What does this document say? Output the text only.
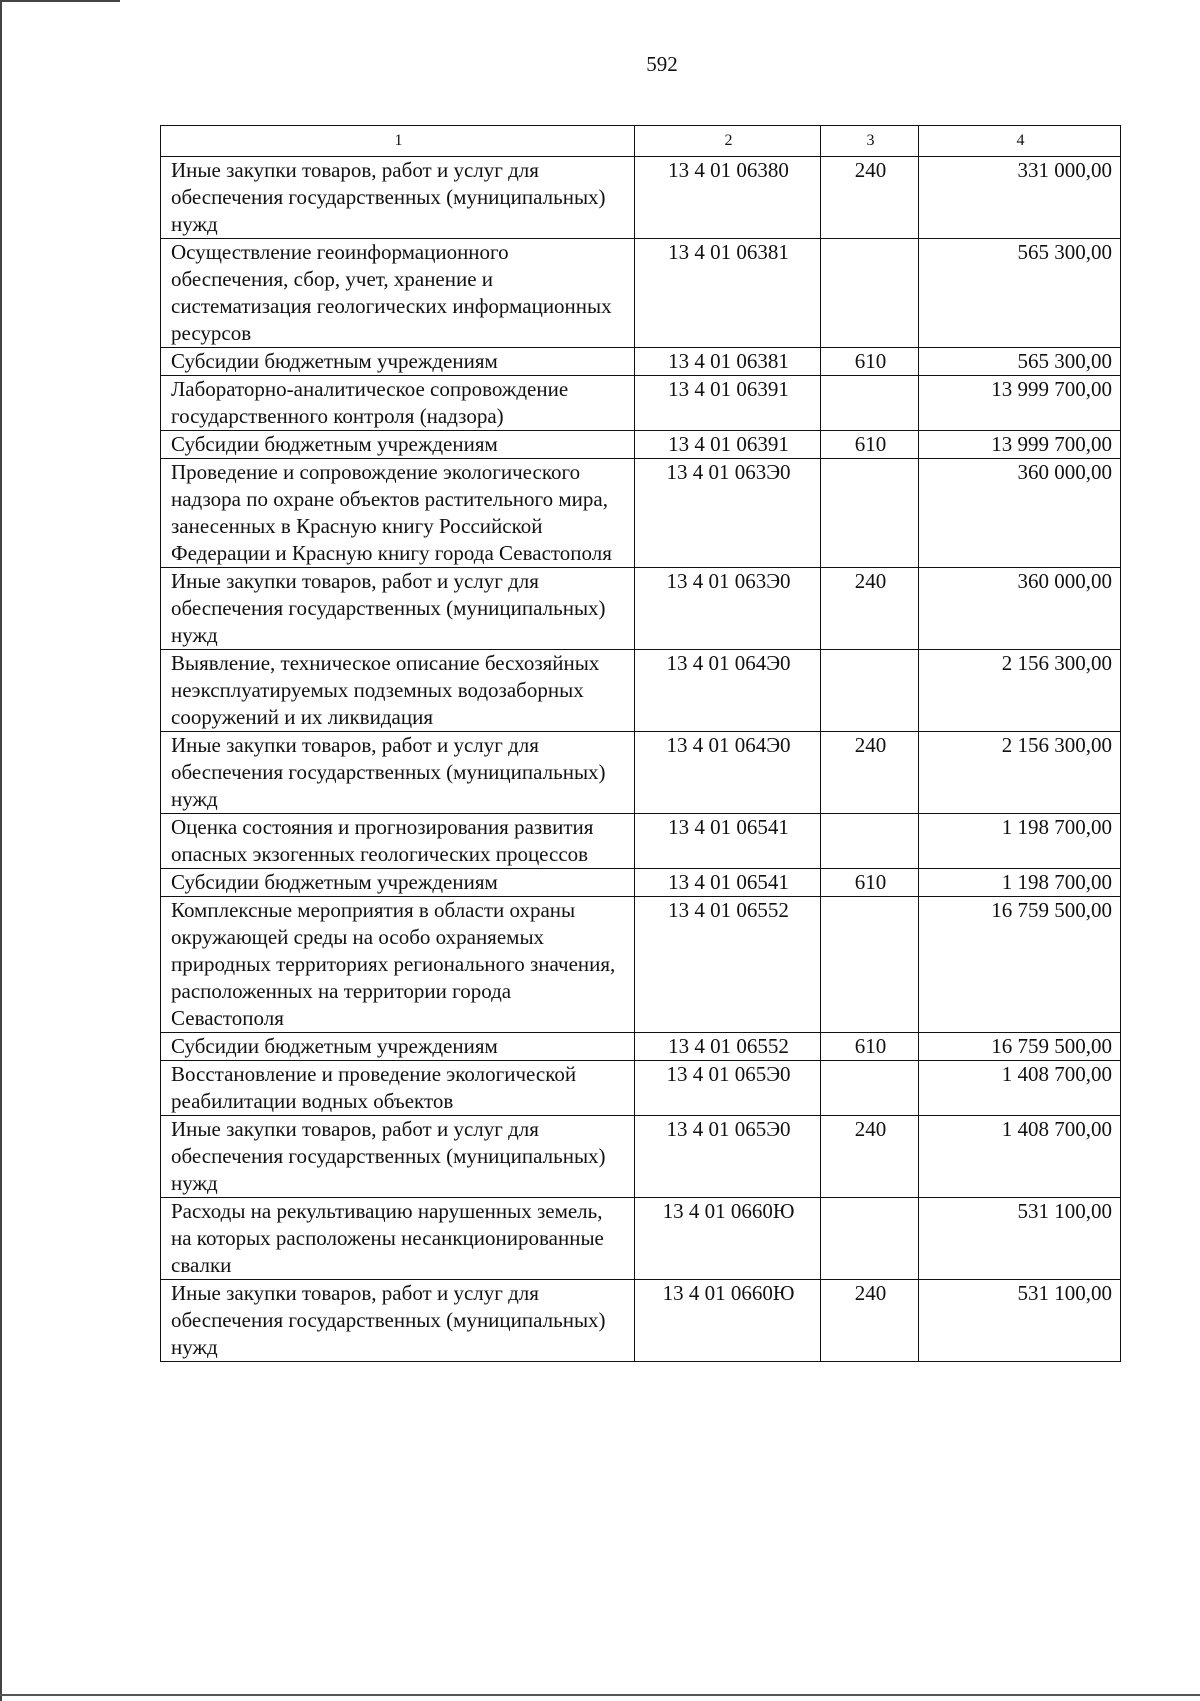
592
1	2	3	4
Иные закупки товаров, работ и услуг для обеспечения государственных (муниципальных) нужд	13 4 01 06380	240	331 000,00
Осуществление геоинформационного обеспечения, сбор, учет, хранение и систематизация геологических информационных ресурсов	13 4 01 06381		565 300,00
Субсидии бюджетным учреждениям	13 4 01 06381	610	565 300,00
Лабораторно-аналитическое сопровождение государственного контроля (надзора)	13 4 01 06391		13 999 700,00
Субсидии бюджетным учреждениям	13 4 01 06391	610	13 999 700,00
Проведение и сопровождение экологического надзора по охране объектов растительного мира, занесенных в Красную книгу Российской Федерации и Красную книгу города Севастополя	13 4 01 063Э0		360 000,00
Иные закупки товаров, работ и услуг для обеспечения государственных (муниципальных) нужд	13 4 01 063Э0	240	360 000,00
Выявление, техническое описание бесхозяйных неэксплуатируемых подземных водозаборных сооружений и их ликвидация	13 4 01 064Э0		2 156 300,00
Иные закупки товаров, работ и услуг для обеспечения государственных (муниципальных) нужд	13 4 01 064Э0	240	2 156 300,00
Оценка состояния и прогнозирования развития опасных экзогенных геологических процессов	13 4 01 06541		1 198 700,00
Субсидии бюджетным учреждениям	13 4 01 06541	610	1 198 700,00
Комплексные мероприятия в области охраны окружающей среды на особо охраняемых природных территориях регионального значения, расположенных на территории города Севастополя	13 4 01 06552		16 759 500,00
Субсидии бюджетным учреждениям	13 4 01 06552	610	16 759 500,00
Восстановление и проведение экологической реабилитации водных объектов	13 4 01 065Э0		1 408 700,00
Иные закупки товаров, работ и услуг для обеспечения государственных (муниципальных) нужд	13 4 01 065Э0	240	1 408 700,00
Расходы на рекультивацию нарушенных земель, на которых расположены несанкционированные свалки	13 4 01 0660Ю		531 100,00
Иные закупки товаров, работ и услуг для обеспечения государственных (муниципальных) нужд	13 4 01 0660Ю	240	531 100,00
